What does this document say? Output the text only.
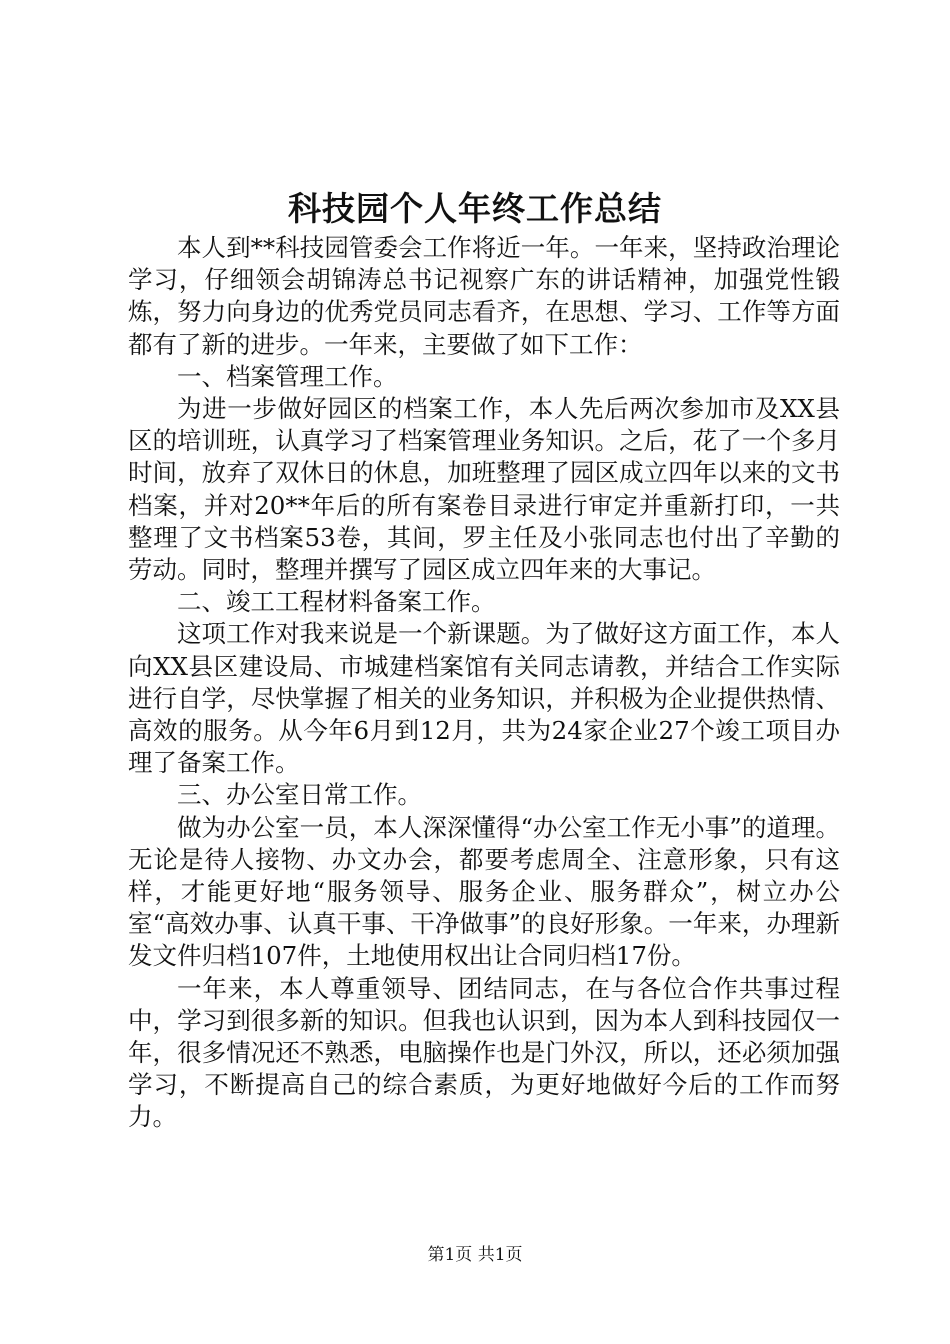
科技园个人年终工作总结

本人到**科技园管委会工作将近一年。一年来，坚持政治理论学习，仔细领会胡锦涛总书记视察广东的讲话精神，加强党性锻炼，努力向身边的优秀党员同志看齐，在思想、学习、工作等方面都有了新的进步。一年来，主要做了如下工作：

一、档案管理工作。

为进一步做好园区的档案工作，本人先后两次参加市及XX县区的培训班，认真学习了档案管理业务知识。之后，花了一个多月时间，放弃了双休日的休息，加班整理了园区成立四年以来的文书档案，并对20**年后的所有案卷目录进行审定并重新打印，一共整理了文书档案53卷，其间，罗主任及小张同志也付出了辛勤的劳动。同时，整理并撰写了园区成立四年来的大事记。

二、竣工工程材料备案工作。

这项工作对我来说是一个新课题。为了做好这方面工作，本人向XX县区建设局、市城建档案馆有关同志请教，并结合工作实际进行自学，尽快掌握了相关的业务知识，并积极为企业提供热情、高效的服务。从今年6月到12月，共为24家企业27个竣工项目办理了备案工作。

三、办公室日常工作。

做为办公室一员，本人深深懂得“办公室工作无小事”的道理。无论是待人接物、办文办会，都要考虑周全、注意形象，只有这样，才能更好地“服务领导、服务企业、服务群众”，树立办公室“高效办事、认真干事、干净做事”的良好形象。一年来，办理新发文件归档107件，土地使用权出让合同归档17份。

一年来，本人尊重领导、团结同志，在与各位合作共事过程中，学习到很多新的知识。但我也认识到，因为本人到科技园仅一年，很多情况还不熟悉，电脑操作也是门外汉，所以，还必须加强学习，不断提高自己的综合素质，为更好地做好今后的工作而努力。

第1页 共1页
